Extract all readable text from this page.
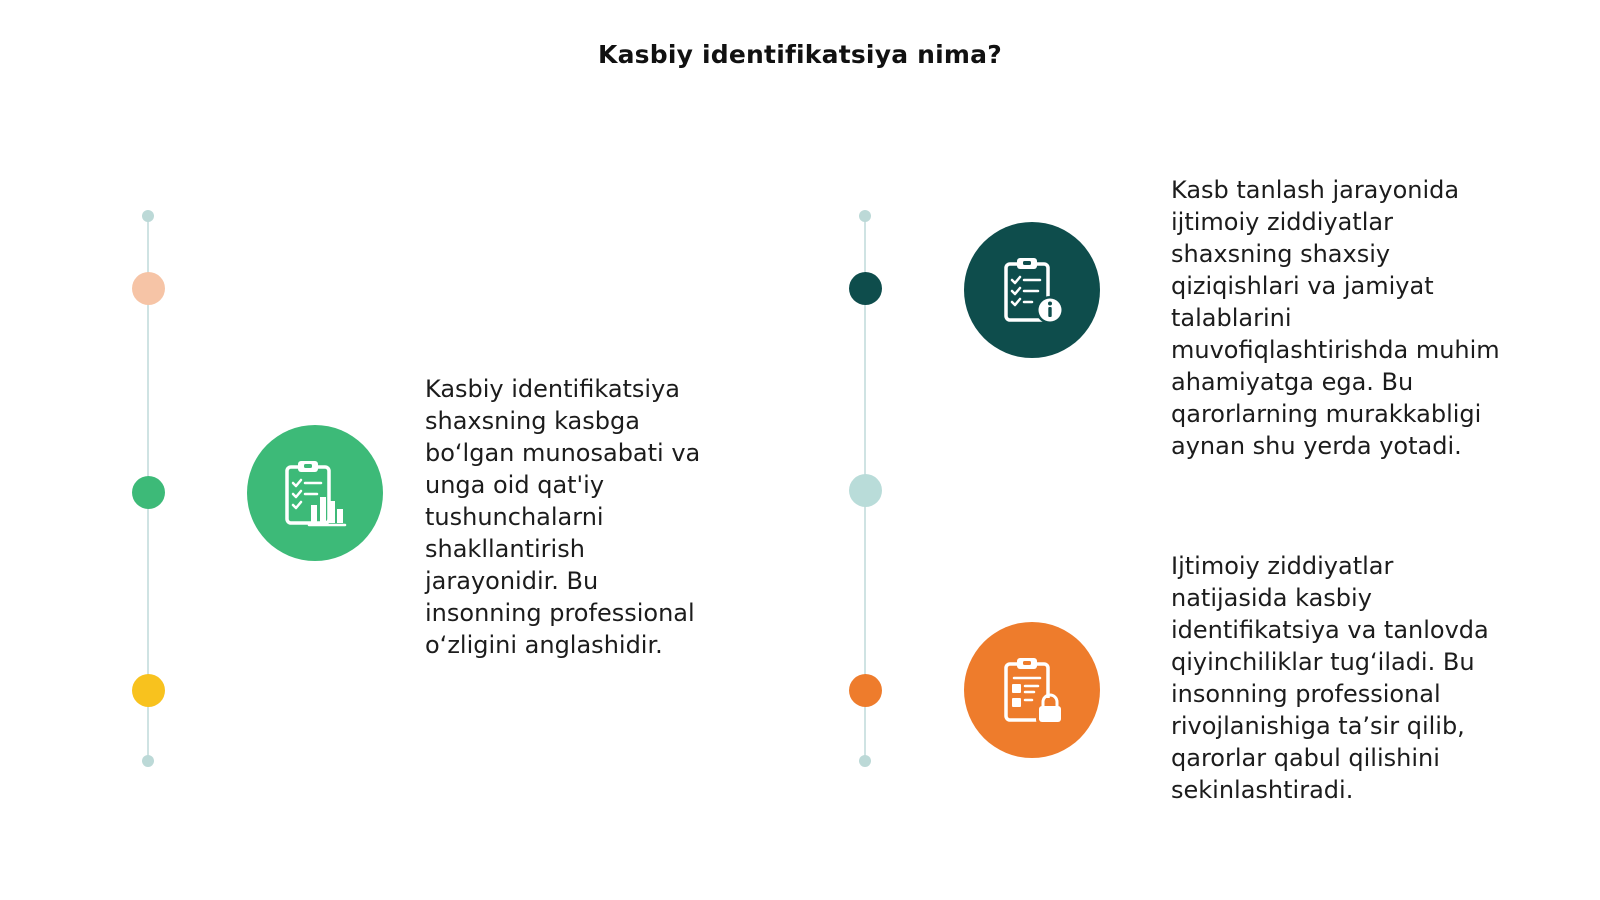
Kasbiy identifikatsiya nima?
Kasbiy identifikatsiya
shaxsning kasbga
bo‘lgan munosabati va
unga oid qat'iy
tushunchalarni
shakllantirish
jarayonidir. Bu
insonning professional
o‘zligini anglashidir.
Kasb tanlash jarayonida
ijtimoiy ziddiyatlar
shaxsning shaxsiy
qiziqishlari va jamiyat
talablarini
muvofiqlashtirishda muhim
ahamiyatga ega. Bu
qarorlarning murakkabligi
aynan shu yerda yotadi.
Ijtimoiy ziddiyatlar
natijasida kasbiy
identifikatsiya va tanlovda
qiyinchiliklar tug‘iladi. Bu
insonning professional
rivojlanishiga ta’sir qilib,
qarorlar qabul qilishini
sekinlashtiradi.
